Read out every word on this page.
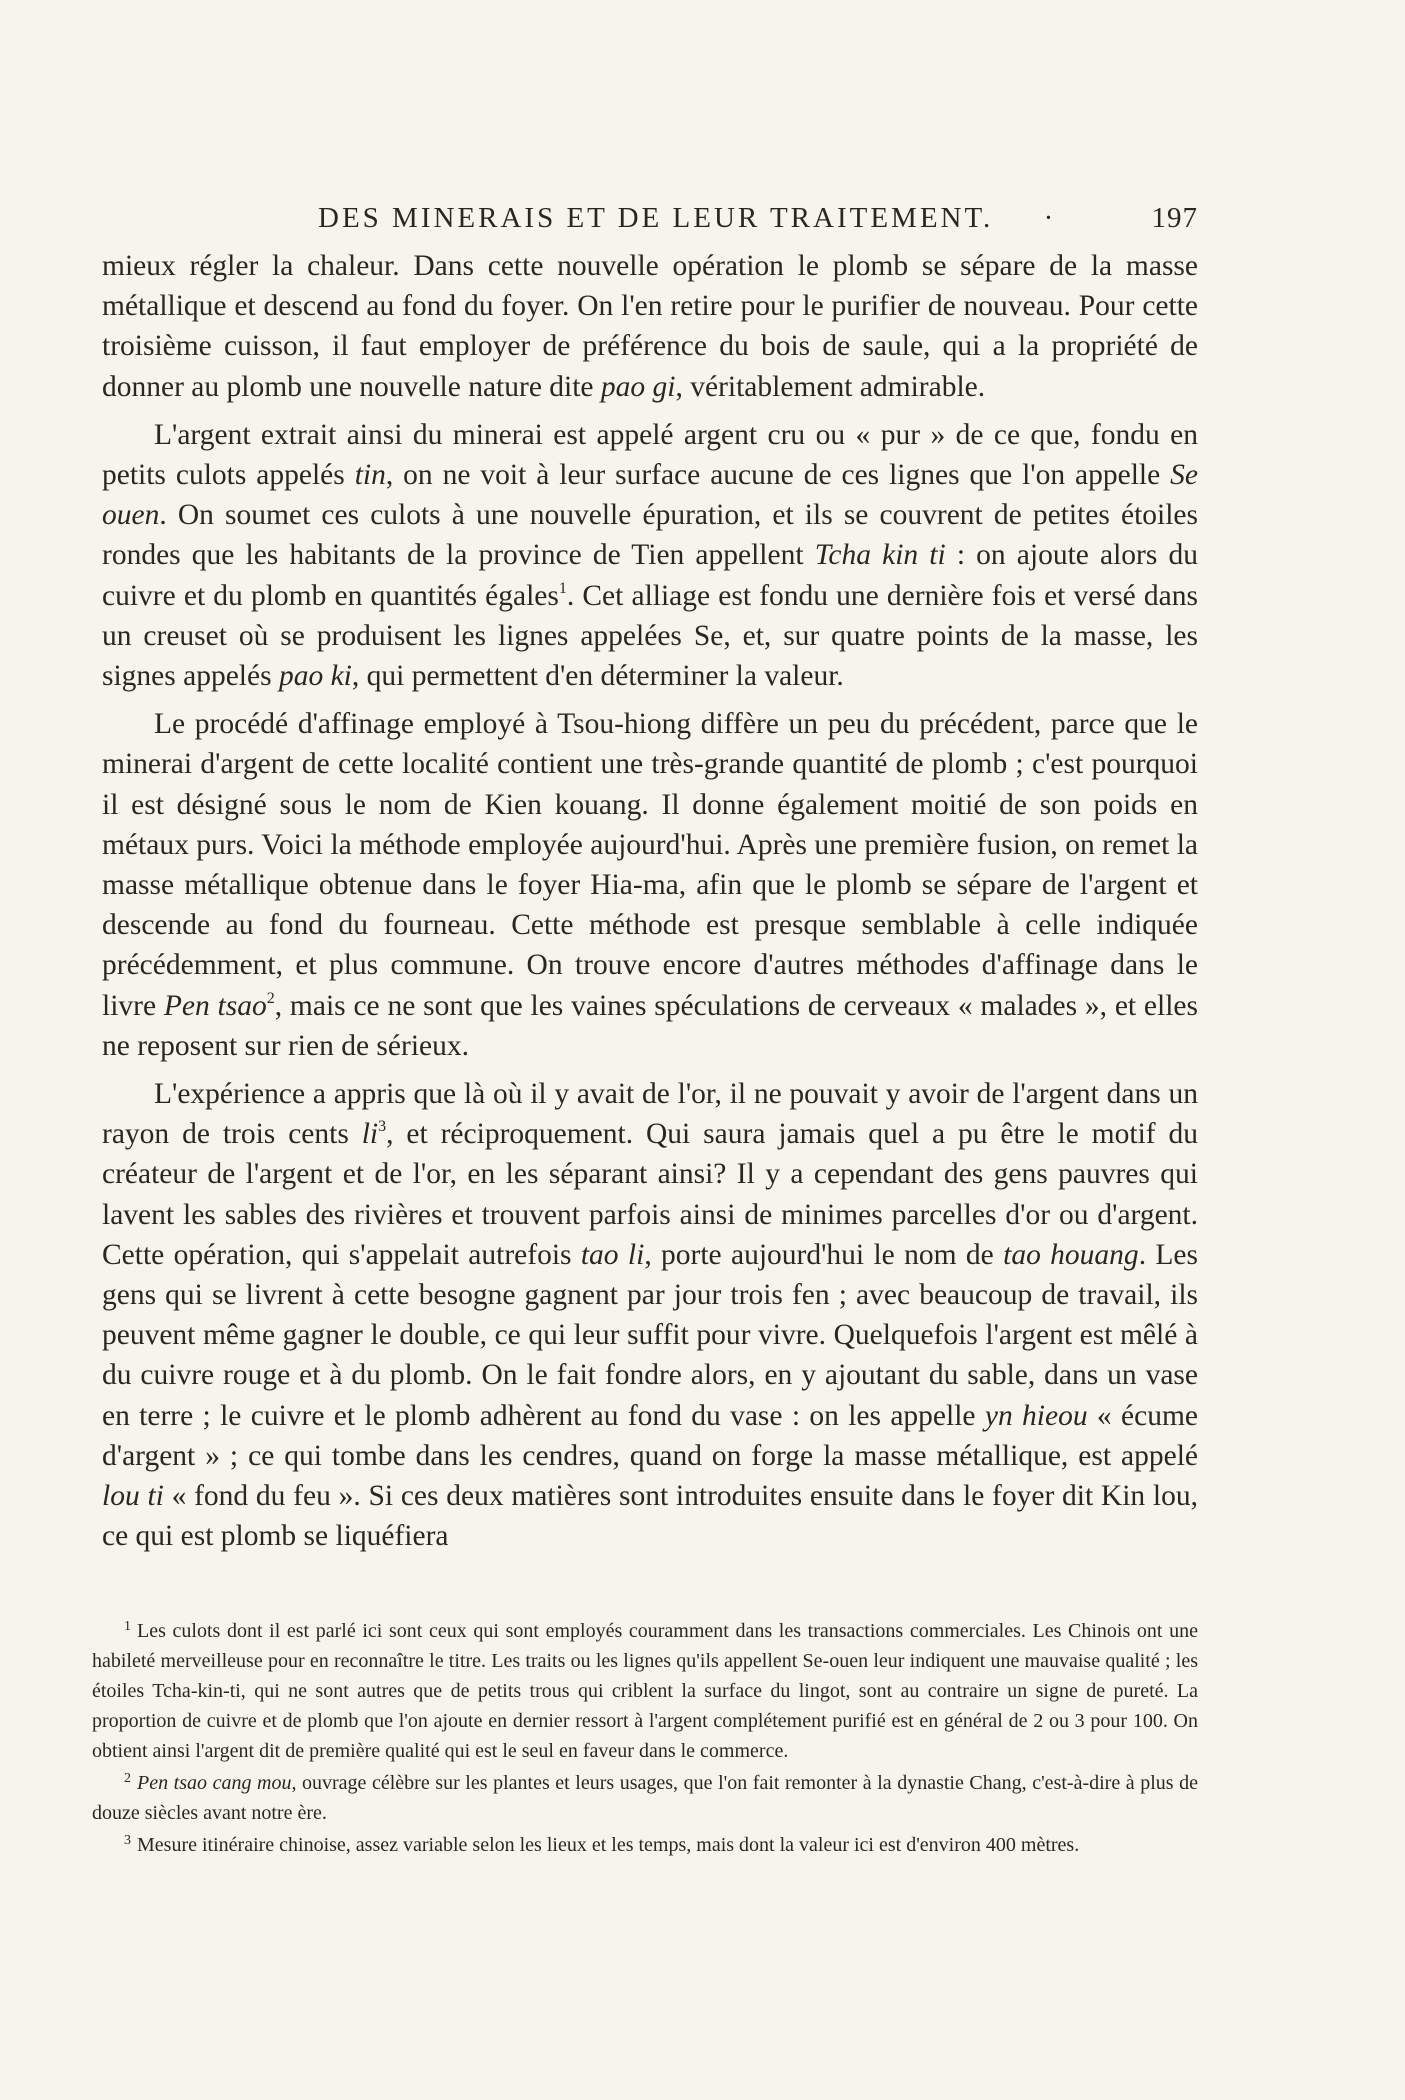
DES MINERAIS ET DE LEUR TRAITEMENT. ·	197

mieux régler la chaleur. Dans cette nouvelle opération le plomb se sépare de la masse métallique et descend au fond du foyer. On l'en retire pour le purifier de nouveau. Pour cette troisième cuisson, il faut employer de préférence du bois de saule, qui a la propriété de donner au plomb une nouvelle nature dite pao gi, véritablement admirable.

L'argent extrait ainsi du minerai est appelé argent cru ou « pur » de ce que, fondu en petits culots appelés tin, on ne voit à leur surface aucune de ces lignes que l'on appelle Se ouen. On soumet ces culots à une nouvelle épuration, et ils se couvrent de petites étoiles rondes que les habitants de la province de Tien appellent Tcha kin ti : on ajoute alors du cuivre et du plomb en quantités égales$^1$. Cet alliage est fondu une dernière fois et versé dans un creuset où se produisent les lignes appelées Se, et, sur quatre points de la masse, les signes appelés pao ki, qui permettent d'en déterminer la valeur.

Le procédé d'affinage employé à Tsou-hiong diffère un peu du précédent, parce que le minerai d'argent de cette localité contient une très-grande quantité de plomb ; c'est pourquoi il est désigné sous le nom de Kien kouang. Il donne également moitié de son poids en métaux purs. Voici la méthode employée aujourd'hui. Après une première fusion, on remet la masse métallique obtenue dans le foyer Hia-ma, afin que le plomb se sépare de l'argent et descende au fond du fourneau. Cette méthode est presque semblable à celle indiquée précédemment, et plus commune. On trouve encore d'autres méthodes d'affinage dans le livre Pen tsao$^2$, mais ce ne sont que les vaines spéculations de cerveaux « malades », et elles ne reposent sur rien de sérieux.

L'expérience a appris que là où il y avait de l'or, il ne pouvait y avoir de l'argent dans un rayon de trois cents $li^3$, et réciproquement. Qui saura jamais quel a pu être le motif du créateur de l'argent et de l'or, en les séparant ainsi? Il y a cependant des gens pauvres qui lavent les sables des rivières et trouvent parfois ainsi de minimes parcelles d'or ou d'argent. Cette opération, qui s'appelait autrefois tao li, porte aujourd'hui le nom de tao houang. Les gens qui se livrent à cette besogne gagnent par jour trois fen ; avec beaucoup de travail, ils peuvent même gagner le double, ce qui leur suffit pour vivre. Quelquefois l'argent est mêlé à du cuivre rouge et à du plomb. On le fait fondre alors, en y ajoutant du sable, dans un vase en terre ; le cuivre et le plomb adhèrent au fond du vase : on les appelle yn hieou « écume d'argent » ; ce qui tombe dans les cendres, quand on forge la masse métallique, est appelé lou ti « fond du feu ». Si ces deux matières sont introduites ensuite dans le foyer dit Kin lou, ce qui est plomb se liquéfiera

$^1$ Les culots dont il est parlé ici sont ceux qui sont employés couramment dans les transactions commerciales. Les Chinois ont une habileté merveilleuse pour en reconnaître le titre. Les traits ou les lignes qu'ils appellent Se-ouen leur indiquent une mauvaise qualité ; les étoiles Tcha-kin-ti, qui ne sont autres que de petits trous qui criblent la surface du lingot, sont au contraire un signe de pureté. La proportion de cuivre et de plomb que l'on ajoute en dernier ressort à l'argent complétement purifié est en général de 2 ou 3 pour 100. On obtient ainsi l'argent dit de première qualité qui est le seul en faveur dans le commerce.

$^2$ Pen tsao cang mou, ouvrage célèbre sur les plantes et leurs usages, que l'on fait remonter à la dynastie Chang, c'est-à-dire à plus de douze siècles avant notre ère.

$^3$ Mesure itinéraire chinoise, assez variable selon les lieux et les temps, mais dont la valeur ici est d'environ 400 mètres.
